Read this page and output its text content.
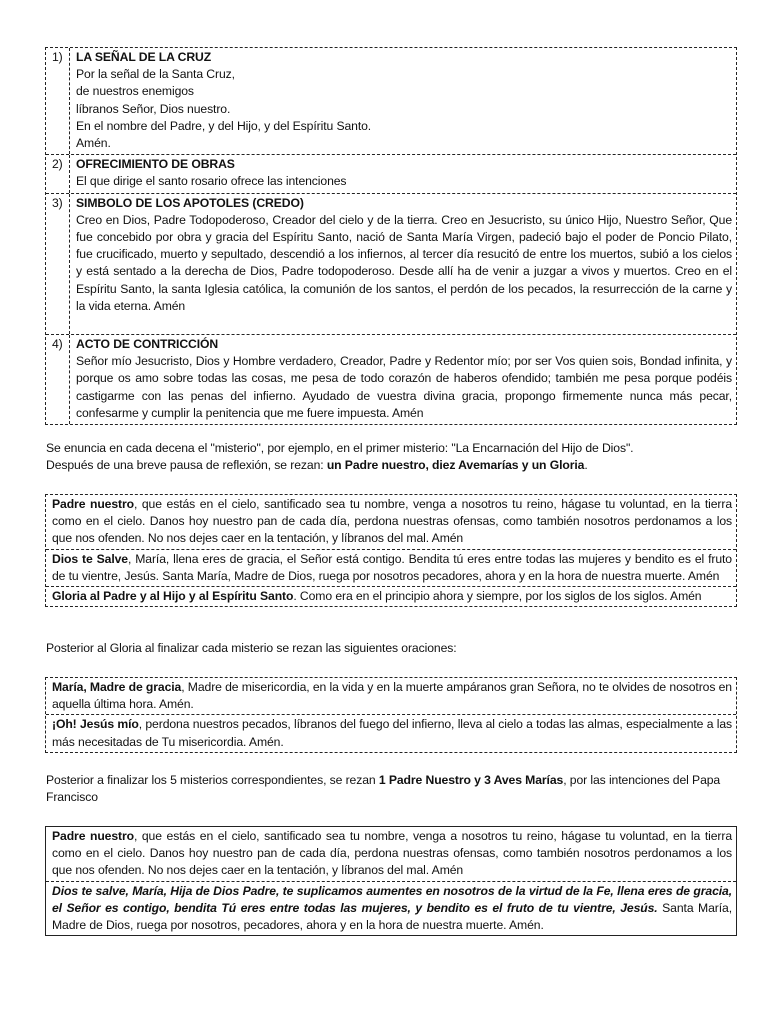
1)	LA SEÑAL DE LA CRUZ
Por la señal de la Santa Cruz,
de nuestros enemigos
líbranos Señor, Dios nuestro.
En el nombre del Padre, y del Hijo, y del Espíritu Santo.
Amén.
2)	OFRECIMIENTO DE OBRAS
El que dirige el santo rosario ofrece las intenciones
3)	SIMBOLO DE LOS APOTOLES (CREDO)
Creo en Dios, Padre Todopoderoso, Creador del cielo y de la tierra. Creo en Jesucristo, su único Hijo, Nuestro Señor, Que fue concebido por obra y gracia del Espíritu Santo, nació de Santa María Virgen, padeció bajo el poder de Poncio Pilato, fue crucificado, muerto y sepultado, descendió a los infiernos, al tercer día resucitó de entre los muertos, subió a los cielos y está sentado a la derecha de Dios, Padre todopoderoso. Desde allí ha de venir a juzgar a vivos y muertos. Creo en el Espíritu Santo, la santa Iglesia católica, la comunión de los santos, el perdón de los pecados, la resurrección de la carne y la vida eterna. Amén
4)	ACTO DE CONTRICCIÓN
Señor mío Jesucristo, Dios y Hombre verdadero, Creador, Padre y Redentor mío; por ser Vos quien sois, Bondad infinita, y porque os amo sobre todas las cosas, me pesa de todo corazón de haberos ofendido; también me pesa porque podéis castigarme con las penas del infierno. Ayudado de vuestra divina gracia, propongo firmemente nunca más pecar, confesarme y cumplir la penitencia que me fuere impuesta. Amén
Se enuncia en cada decena el "misterio", por ejemplo, en el primer misterio: "La Encarnación del Hijo de Dios".
Después de una breve pausa de reflexión, se rezan: un Padre nuestro, diez Avemarías y un Gloria.
Padre nuestro, que estás en el cielo, santificado sea tu nombre, venga a nosotros tu reino, hágase tu voluntad, en la tierra como en el cielo. Danos hoy nuestro pan de cada día, perdona nuestras ofensas, como también nosotros perdonamos a los que nos ofenden. No nos dejes caer en la tentación, y líbranos del mal. Amén
Dios te Salve, María, llena eres de gracia, el Señor está contigo. Bendita tú eres entre todas las mujeres y bendito es el fruto de tu vientre, Jesús. Santa María, Madre de Dios, ruega por nosotros pecadores, ahora y en la hora de nuestra muerte. Amén
Gloria al Padre y al Hijo y al Espíritu Santo. Como era en el principio ahora y siempre, por los siglos de los siglos. Amén
Posterior al Gloria al finalizar cada misterio se rezan las siguientes oraciones:
María, Madre de gracia, Madre de misericordia, en la vida y en la muerte ampáranos gran Señora, no te olvides de nosotros en aquella última hora. Amén.
¡Oh! Jesús mío, perdona nuestros pecados, líbranos del fuego del infierno, lleva al cielo a todas las almas, especialmente a las más necesitadas de Tu misericordia. Amén.
Posterior a finalizar los 5 misterios correspondientes, se rezan 1 Padre Nuestro y 3 Aves Marías, por las intenciones del Papa Francisco
Padre nuestro, que estás en el cielo, santificado sea tu nombre, venga a nosotros tu reino, hágase tu voluntad, en la tierra como en el cielo. Danos hoy nuestro pan de cada día, perdona nuestras ofensas, como también nosotros perdonamos a los que nos ofenden. No nos dejes caer en la tentación, y líbranos del mal. Amén
Dios te salve, María, Hija de Dios Padre, te suplicamos aumentes en nosotros de la virtud de la Fe, llena eres de gracia, el Señor es contigo, bendita Tú eres entre todas las mujeres, y bendito es el fruto de tu vientre, Jesús. Santa María, Madre de Dios, ruega por nosotros, pecadores, ahora y en la hora de nuestra muerte. Amén.
